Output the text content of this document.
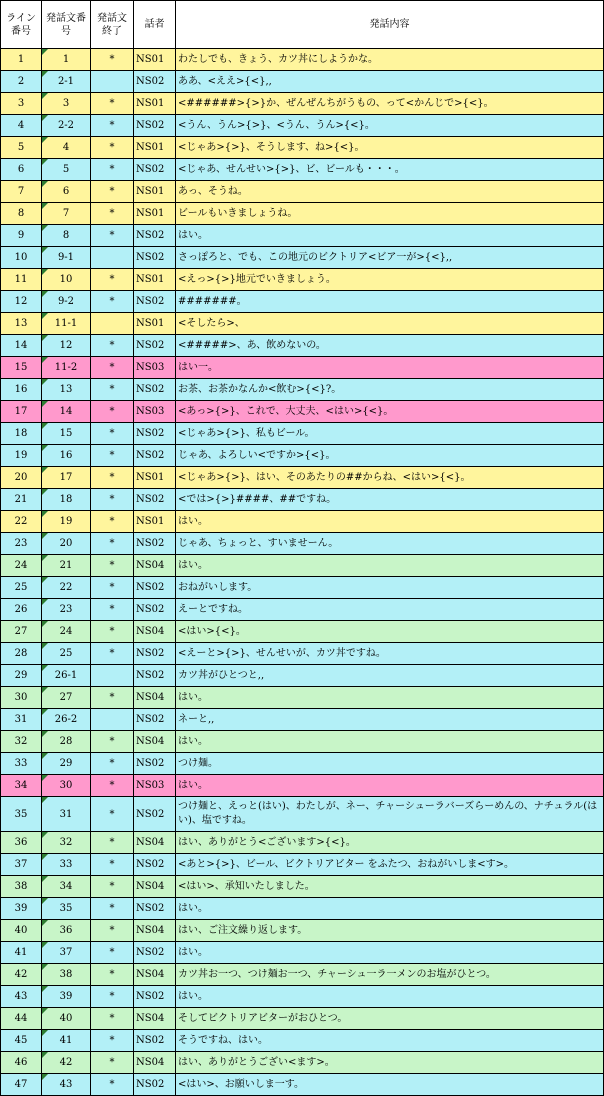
ライン番号	発話文番号	発話文終了	話者	発話内容
1	1	*	NS01	わたしでも、きょう、カツ丼にしようかな。
2	2-1		NS02	ああ、<ええ>{<},,
3	3	*	NS01	<######>{>}か、ぜんぜんちがうもの、って<かんじで>{<}。
4	2-2	*	NS02	<うん、うん>{>}、<うん、うん>{<}。
5	4	*	NS01	<じゃあ>{>}、そうします、ね>{<}。
6	5	*	NS02	<じゃあ、せんせい>{>}、ビ、ビールも・・・。
7	6	*	NS01	あっ、そうね。
8	7	*	NS01	ビールもいきましょうね。
9	8	*	NS02	はい。
10	9-1		NS02	さっぽろと、でも、この地元のビクトリア<ビア一が>{<},,
11	10	*	NS01	<えっ>{>}地元でいきましょう。
12	9-2	*	NS02	#######。
13	11-1		NS01	<そしたら>、
14	12	*	NS02	<#####>、あ、飲めないの。
15	11-2	*	NS03	はい一。
16	13	*	NS02	お茶、お茶かなんか<飲む>{<}?。
17	14	*	NS03	<あっ>{>}、これで、大丈夫、<はい>{<}。
18	15	*	NS02	<じゃあ>{>}、私もビール。
19	16	*	NS02	じゃあ、よろしい<ですか>{<}。
20	17	*	NS01	<じゃあ>{>}、はい、そのあたりの##からね、<はい>{<}。
21	18	*	NS02	<では>{>}####、##ですね。
22	19	*	NS01	はい。
23	20	*	NS02	じゃあ、ちょっと、すいませーん。
24	21	*	NS04	はい。
25	22	*	NS02	おねがいします。
26	23	*	NS02	えーとですね。
27	24	*	NS04	<はい>{<}。
28	25	*	NS02	<えーと>{>}、せんせいが、カツ丼ですね。
29	26-1		NS02	カツ丼がひとつと,,
30	27	*	NS04	はい。
31	26-2		NS02	ネーと,,
32	28	*	NS04	はい。
33	29	*	NS02	つけ麺。
34	30	*	NS03	はい。
35	31	*	NS02	つけ麺と、えっと(はい)、わたしが、ネー、チャーシューラバーズらーめんの、ナチュラル(はい)、塩ですね。
36	32	*	NS04	はい、ありがとう<ございます>{<}。
37	33	*	NS02	<あと>{>}、ビール、ビクトリアビター をふたつ、おねがいしま<す>。
38	34	*	NS04	<はい>、承知いたしました。
39	35	*	NS02	はい。
40	36	*	NS04	はい、ご注文繰り返します。
41	37	*	NS02	はい。
42	38	*	NS04	カツ丼お一つ、つけ麺お一つ、チャーシュ一ラ一メンのお塩がひとつ。
43	39	*	NS02	はい。
44	40	*	NS04	そしてビクトリアビターがおひとつ。
45	41	*	NS02	そうですね、はい。
46	42	*	NS04	はい、ありがとうござい<ます>。
47	43	*	NS02	<はい>、お願いしま一す。
